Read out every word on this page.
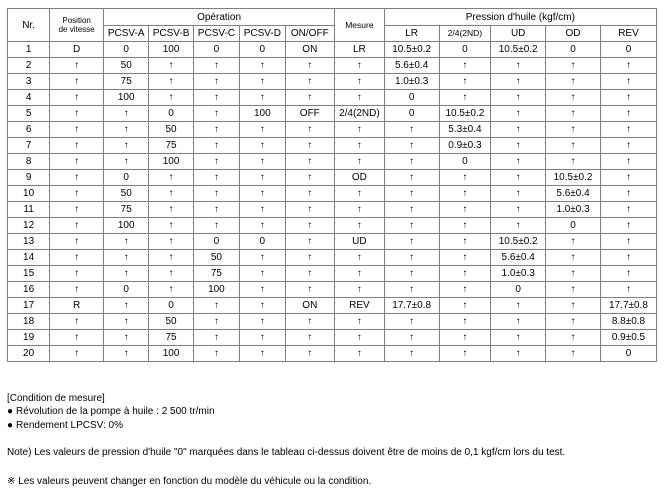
Nr.	Position
de vitesse	Opération					Mesure	Pression d'huile (kgf/cm)				
		PCSV-A	PCSV-B	PCSV-C	PCSV-D	ON/OFF		LR	2/4(2ND)	UD	OD	REV
1	D	0	100	0	0	ON	LR	10.5±0.2	0	10.5±0.2	0	0
2	↑	50	↑	↑	↑	↑	↑	5.6±0.4	↑	↑	↑	↑
3	↑	75	↑	↑	↑	↑	↑	1.0±0.3	↑	↑	↑	↑
4	↑	100	↑	↑	↑	↑	↑	0	↑	↑	↑	↑
5	↑	↑	0	↑	100	OFF	2/4(2ND)	0	10.5±0.2	↑	↑	↑
6	↑	↑	50	↑	↑	↑	↑	↑	5.3±0.4	↑	↑	↑
7	↑	↑	75	↑	↑	↑	↑	↑	0.9±0.3	↑	↑	↑
8	↑	↑	100	↑	↑	↑	↑	↑	0	↑	↑	↑
9	↑	0	↑	↑	↑	↑	OD	↑	↑	↑	10.5±0.2	↑
10	↑	50	↑	↑	↑	↑	↑	↑	↑	↑	5.6±0.4	↑
11	↑	75	↑	↑	↑	↑	↑	↑	↑	↑	1.0±0.3	↑
12	↑	100	↑	↑	↑	↑	↑	↑	↑	↑	0	↑
13	↑	↑	↑	0	0	↑	UD	↑	↑	10.5±0.2	↑	↑
14	↑	↑	↑	50	↑	↑	↑	↑	↑	5.6±0.4	↑	↑
15	↑	↑	↑	75	↑	↑	↑	↑	↑	1.0±0.3	↑	↑
16	↑	0	↑	100	↑	↑	↑	↑	↑	0	↑	↑
17	R	↑	0	↑	↑	ON	REV	17.7±0.8	↑	↑	↑	17.7±0.8
18	↑	↑	50	↑	↑	↑	↑	↑	↑	↑	↑	8.8±0.8
19	↑	↑	75	↑	↑	↑	↑	↑	↑	↑	↑	0.9±0.5
20	↑	↑	100	↑	↑	↑	↑	↑	↑	↑	↑	0
[Condition de mesure]
● Révolution de la pompe à huile : 2 500 tr/min
● Rendement LPCSV: 0%
Note) Les valeurs de pression d'huile "0" marquées dans le tableau ci-dessus doivent être de moins de 0,1 kgf/cm lors du test.
※ Les valeurs peuvent changer en fonction du modèle du véhicule ou la condition.
